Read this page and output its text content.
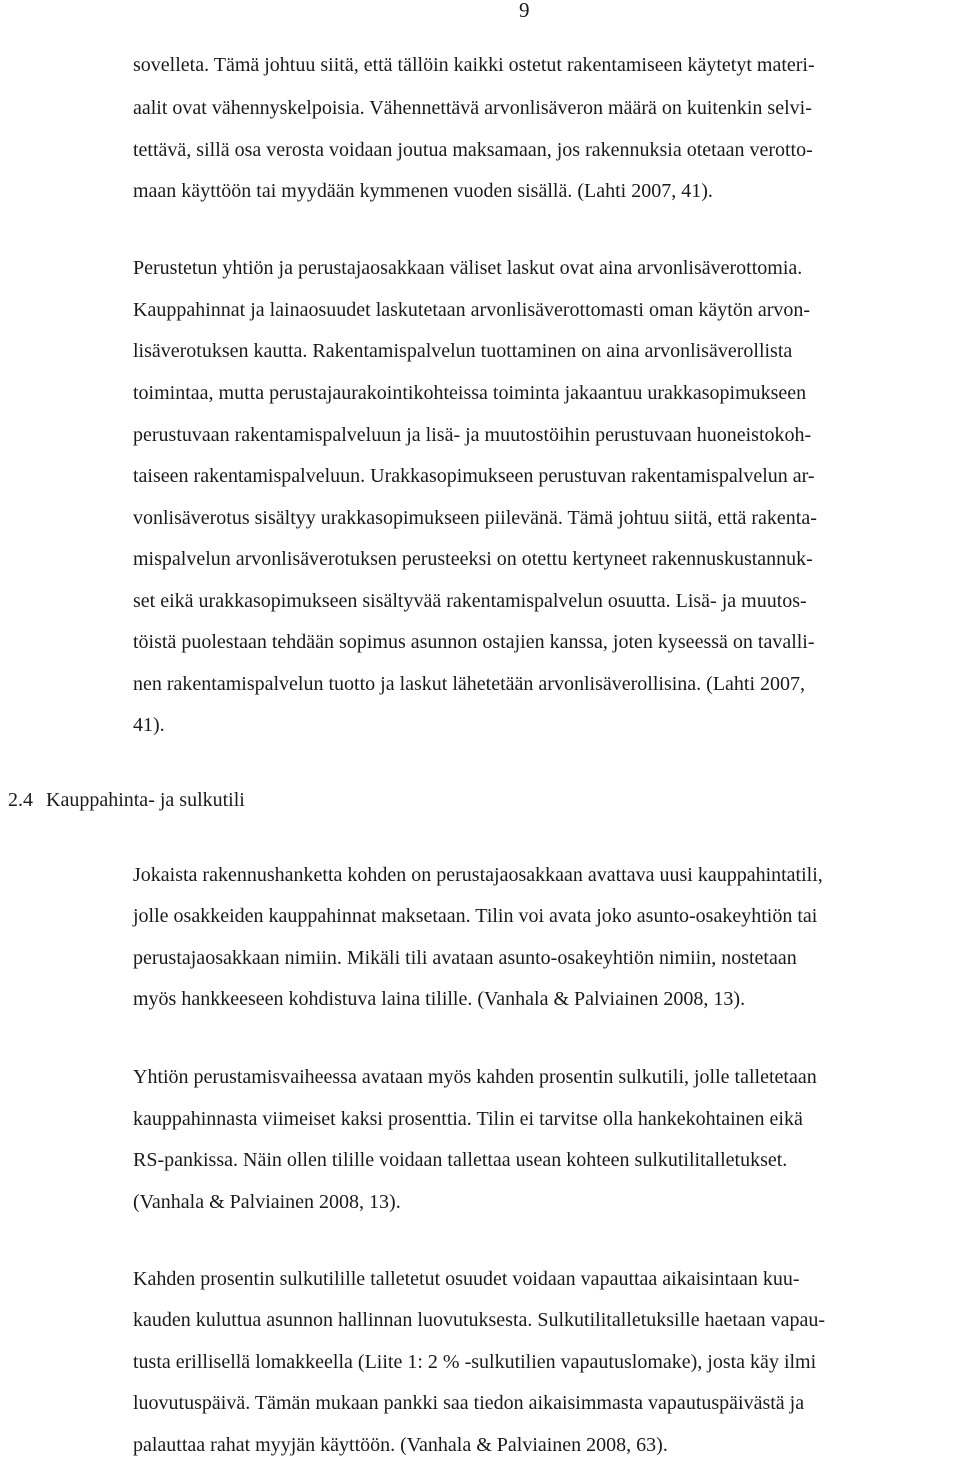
9
sovelleta. Tämä johtuu siitä, että tällöin kaikki ostetut rakentamiseen käytetyt materi-
aalit ovat vähennyskelpoisia. Vähennettävä arvonlisäveron määrä on kuitenkin selvi-
tettävä, sillä osa verosta voidaan joutua maksamaan, jos rakennuksia otetaan verotto-
maan käyttöön tai myydään kymmenen vuoden sisällä. (Lahti 2007, 41).
Perustetun yhtiön ja perustajaosakkaan väliset laskut ovat aina arvonlisäverottomia.
Kauppahinnat ja lainaosuudet laskutetaan arvonlisäverottomasti oman käytön arvon-
lisäverotuksen kautta. Rakentamispalvelun tuottaminen on aina arvonlisäverollista
toimintaa, mutta perustajaurakointikohteissa toiminta jakaantuu urakkasopimukseen
perustuvaan rakentamispalveluun ja lisä- ja muutostöihin perustuvaan huoneistokoh-
taiseen rakentamispalveluun. Urakkasopimukseen perustuvan rakentamispalvelun ar-
vonlisäverotus sisältyy urakkasopimukseen piilevänä. Tämä johtuu siitä, että rakenta-
mispalvelun arvonlisäverotuksen perusteeksi on otettu kertyneet rakennuskustannuk-
set eikä urakkasopimukseen sisältyvää rakentamispalvelun osuutta. Lisä- ja muutos-
töistä puolestaan tehdään sopimus asunnon ostajien kanssa, joten kyseessä on tavalli-
nen rakentamispalvelun tuotto ja laskut lähetetään arvonlisäverollisina. (Lahti 2007,
41).
2.4 Kauppahinta- ja sulkutili
Jokaista rakennushanketta kohden on perustajaosakkaan avattava uusi kauppahintatili,
jolle osakkeiden kauppahinnat maksetaan. Tilin voi avata joko asunto-osakeyhtiön tai
perustajaosakkaan nimiin. Mikäli tili avataan asunto-osakeyhtiön nimiin, nostetaan
myös hankkeeseen kohdistuva laina tilille. (Vanhala & Palviainen 2008, 13).
Yhtiön perustamisvaiheessa avataan myös kahden prosentin sulkutili, jolle talletetaan
kauppahinnasta viimeiset kaksi prosenttia. Tilin ei tarvitse olla hankekohtainen eikä
RS-pankissa. Näin ollen tilille voidaan tallettaa usean kohteen sulkutilitalletukset.
(Vanhala & Palviainen 2008, 13).
Kahden prosentin sulkutilille talletetut osuudet voidaan vapauttaa aikaisintaan kuu-
kauden kuluttua asunnon hallinnan luovutuksesta. Sulkutilitalletuksille haetaan vapau-
tusta erillisellä lomakkeella (Liite 1: 2 % -sulkutilien vapautuslomake), josta käy ilmi
luovutuspäivä. Tämän mukaan pankki saa tiedon aikaisimmasta vapautuspäivästä ja
palauttaa rahat myyjän käyttöön. (Vanhala & Palviainen 2008, 63).
